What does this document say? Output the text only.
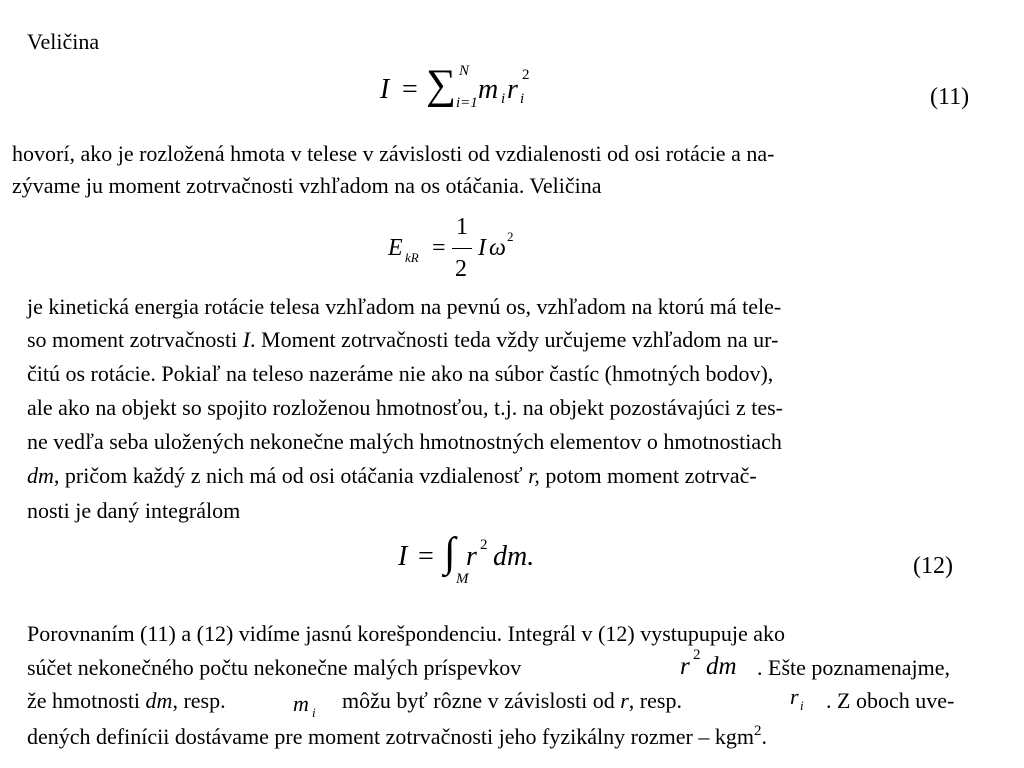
Veličina
I = ∑ N
i=1 m i r i
2
(11)
hovorí, ako je rozložená hmota v telese v závislosti od vzdialenosti od osi rotácie a na-
zývame ju moment zotrvačnosti vzhľadom na os otáčania. Veličina
E kR =
1
2
I ω 2
je kinetická energia rotácie telesa vzhľadom na pevnú os, vzhľadom na ktorú má tele-
so moment zotrvačnosti I. Moment zotrvačnosti teda vždy určujeme vzhľadom na ur-
čitú os rotácie. Pokiaľ na teleso nazeráme nie ako na súbor častíc (hmotných bodov),
ale ako na objekt so spojito rozloženou hmotnosťou, t.j. na objekt pozostávajúci z tes-
ne vedľa seba uložených nekonečne malých hmotnostných elementov o hmotnostiach
dm, pričom každý z nich má od osi otáčania vzdialenosť r, potom moment zotrvač-
nosti je daný integrálom
I = ∫
M
r 2 dm.	(12)
Porovnaním (11) a (12) vidíme jasnú korešpondenciu. Integrál v (12) vystupupuje ako
súčet nekonečného počtu nekonečne malých príspevkov	r 2 dm . Ešte poznamenajme,
že hmotnosti dm, resp.	m i môžu byť rôzne v závislosti od r, resp.	r i . Z oboch uve-
dených definícii dostávame pre moment zotrvačnosti jeho fyzikálny rozmer – kgm$^2$.
